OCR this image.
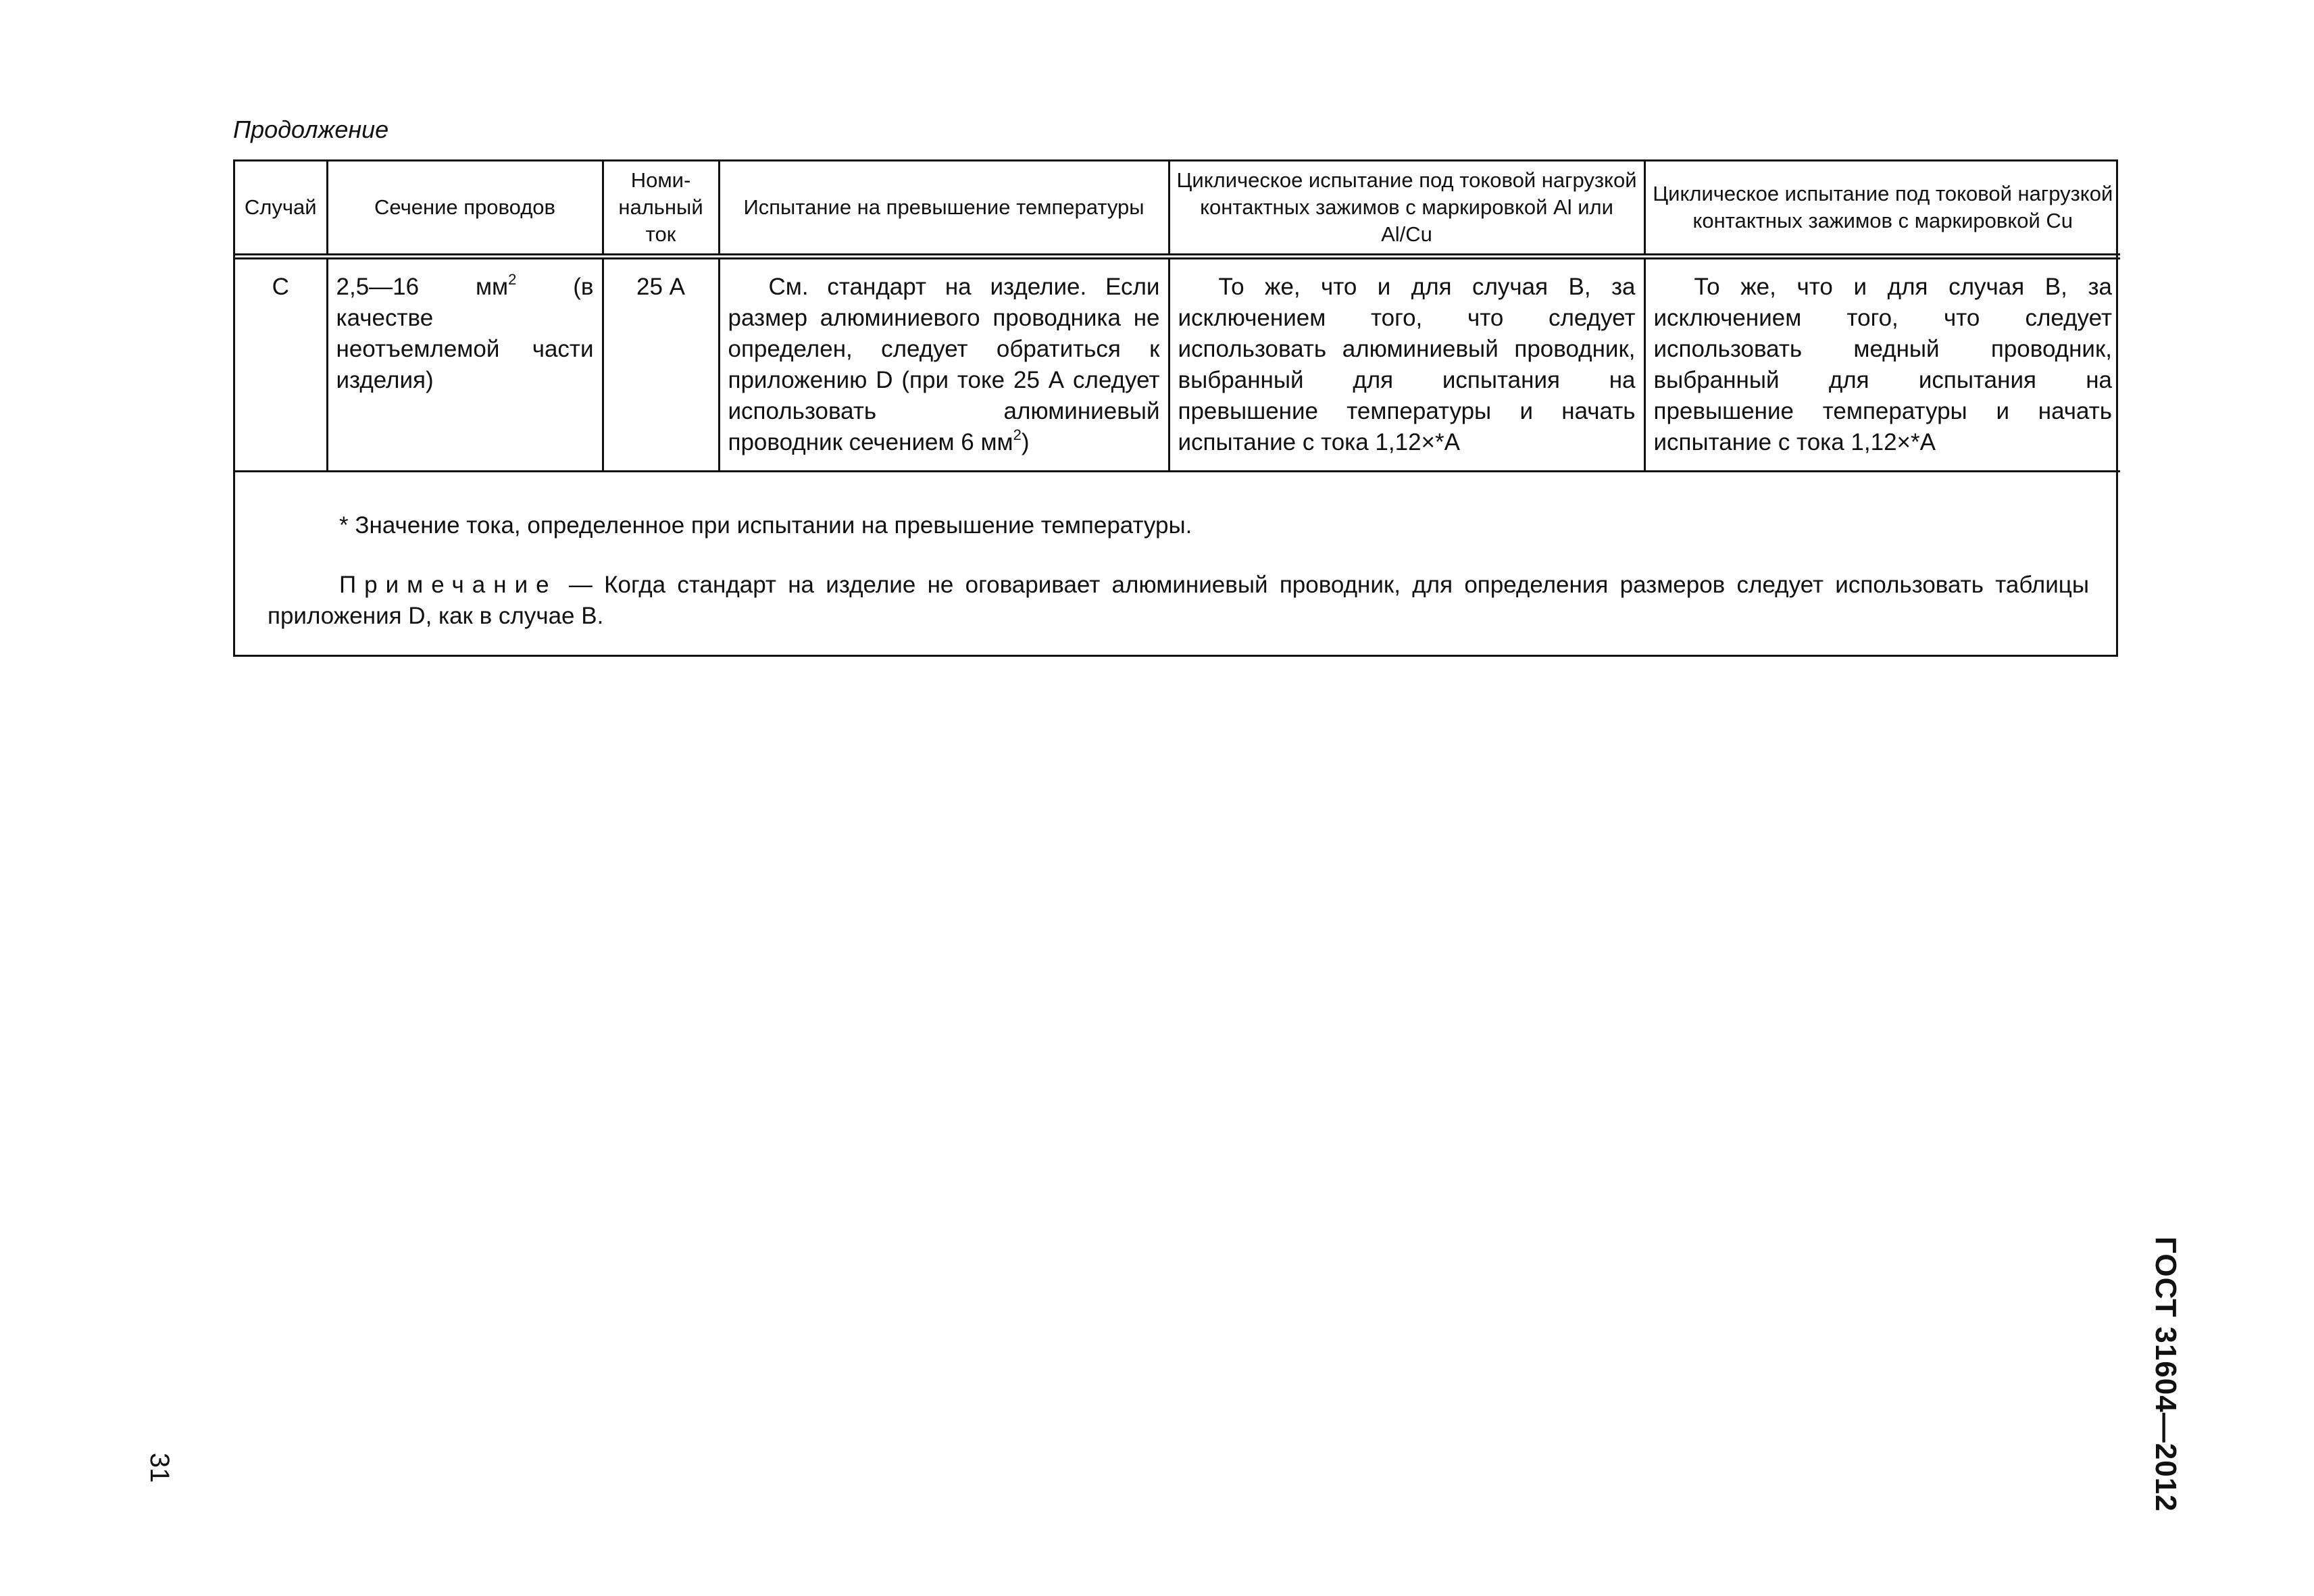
Продолжение
Случай	Сечение проводов	Номи-нальный ток	Испытание на превышение температуры	Циклическое испытание под токовой нагрузкой контактных зажимов с маркировкой Al или Al/Cu	Циклическое испытание под токовой нагрузкой контактных зажимов с маркировкой Cu
C	2,5—16 $мм^2$ (в качестве неотъемлемой части изделия)	25 А	См. стандарт на изделие. Если размер алюминиевого проводника не определен, следует обратиться к приложению D (при токе 25 А следует использовать алюминиевый проводник сечением 6 $мм^2$)	То же, что и для случая В, за исключением того, что следует использовать алюминиевый проводник, выбранный для испытания на превышение температуры и начать испытание с тока 1,12×*А	То же, что и для случая В, за исключением того, что следует использовать медный проводник, выбранный для испытания на превышение температуры и начать испытание с тока 1,12×*А
* Значение тока, определенное при испытании на превышение температуры.
Примечание — Когда стандарт на изделие не оговаривает алюминиевый проводник, для определения размеров следует использовать таблицы приложения D, как в случае В.
31	ГОСТ 31604—2012
